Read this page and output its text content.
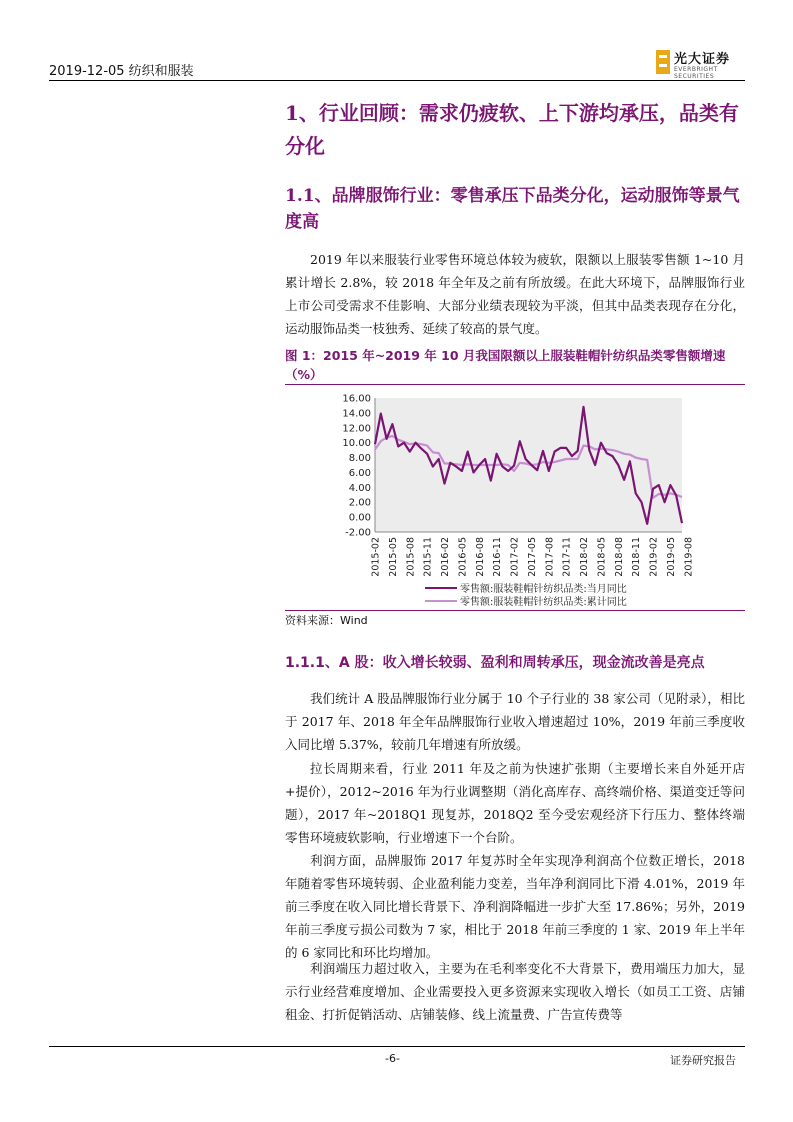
2019-12-05 纺织和服装
光大证券
EVERBRIGHT SECURITIES
1、行业回顾：需求仍疲软、上下游均承压，品类有分化
1.1、品牌服饰行业：零售承压下品类分化，运动服饰等景气度高
2019 年以来服装行业零售环境总体较为疲软，限额以上服装零售额 1~10 月累计增长 2.8%，较 2018 年全年及之前有所放缓。在此大环境下，品牌服饰行业上市公司受需求不佳影响、大部分业绩表现较为平淡，但其中品类表现存在分化，运动服饰品类一枝独秀、延续了较高的景气度。
图 1：2015 年~2019 年 10 月我国限额以上服装鞋帽针纺织品类零售额增速（%）
16.00
14.00
12.00
10.00
8.00
6.00
4.00
2.00
0.00
-2.00
2015-02 2015-05 2015-08 2015-11 2016-02 2016-05 2016-08 2016-11 2017-02 2017-05 2017-08 2017-11 2018-02 2018-05 2018-08 2018-11 2019-02 2019-05 2019-08
零售额:服装鞋帽针纺织品类:当月同比
零售额:服装鞋帽针纺织品类:累计同比
资料来源：Wind
1.1.1、A 股：收入增长较弱、盈利和周转承压，现金流改善是亮点
我们统计 A 股品牌服饰行业分属于 10 个子行业的 38 家公司（见附录），相比于 2017 年、2018 年全年品牌服饰行业收入增速超过 10%，2019 年前三季度收入同比增 5.37%，较前几年增速有所放缓。
拉长周期来看，行业 2011 年及之前为快速扩张期（主要增长来自外延开店+提价），2012~2016 年为行业调整期（消化高库存、高终端价格、渠道变迁等问题），2017 年~2018Q1 现复苏，2018Q2 至今受宏观经济下行压力、整体终端零售环境疲软影响，行业增速下一个台阶。
利润方面，品牌服饰 2017 年复苏时全年实现净利润高个位数正增长，2018 年随着零售环境转弱、企业盈利能力变差，当年净利润同比下滑 4.01%，2019 年前三季度在收入同比增长背景下、净利润降幅进一步扩大至 17.86%；另外，2019 年前三季度亏损公司数为 7 家，相比于 2018 年前三季度的 1 家、2019 年上半年的 6 家同比和环比均增加。
利润端压力超过收入，主要为在毛利率变化不大背景下，费用端压力加大，显示行业经营难度增加、企业需要投入更多资源来实现收入增长（如员工工资、店铺租金、打折促销活动、店铺装修、线上流量费、广告宣传费等
-6-	证券研究报告
